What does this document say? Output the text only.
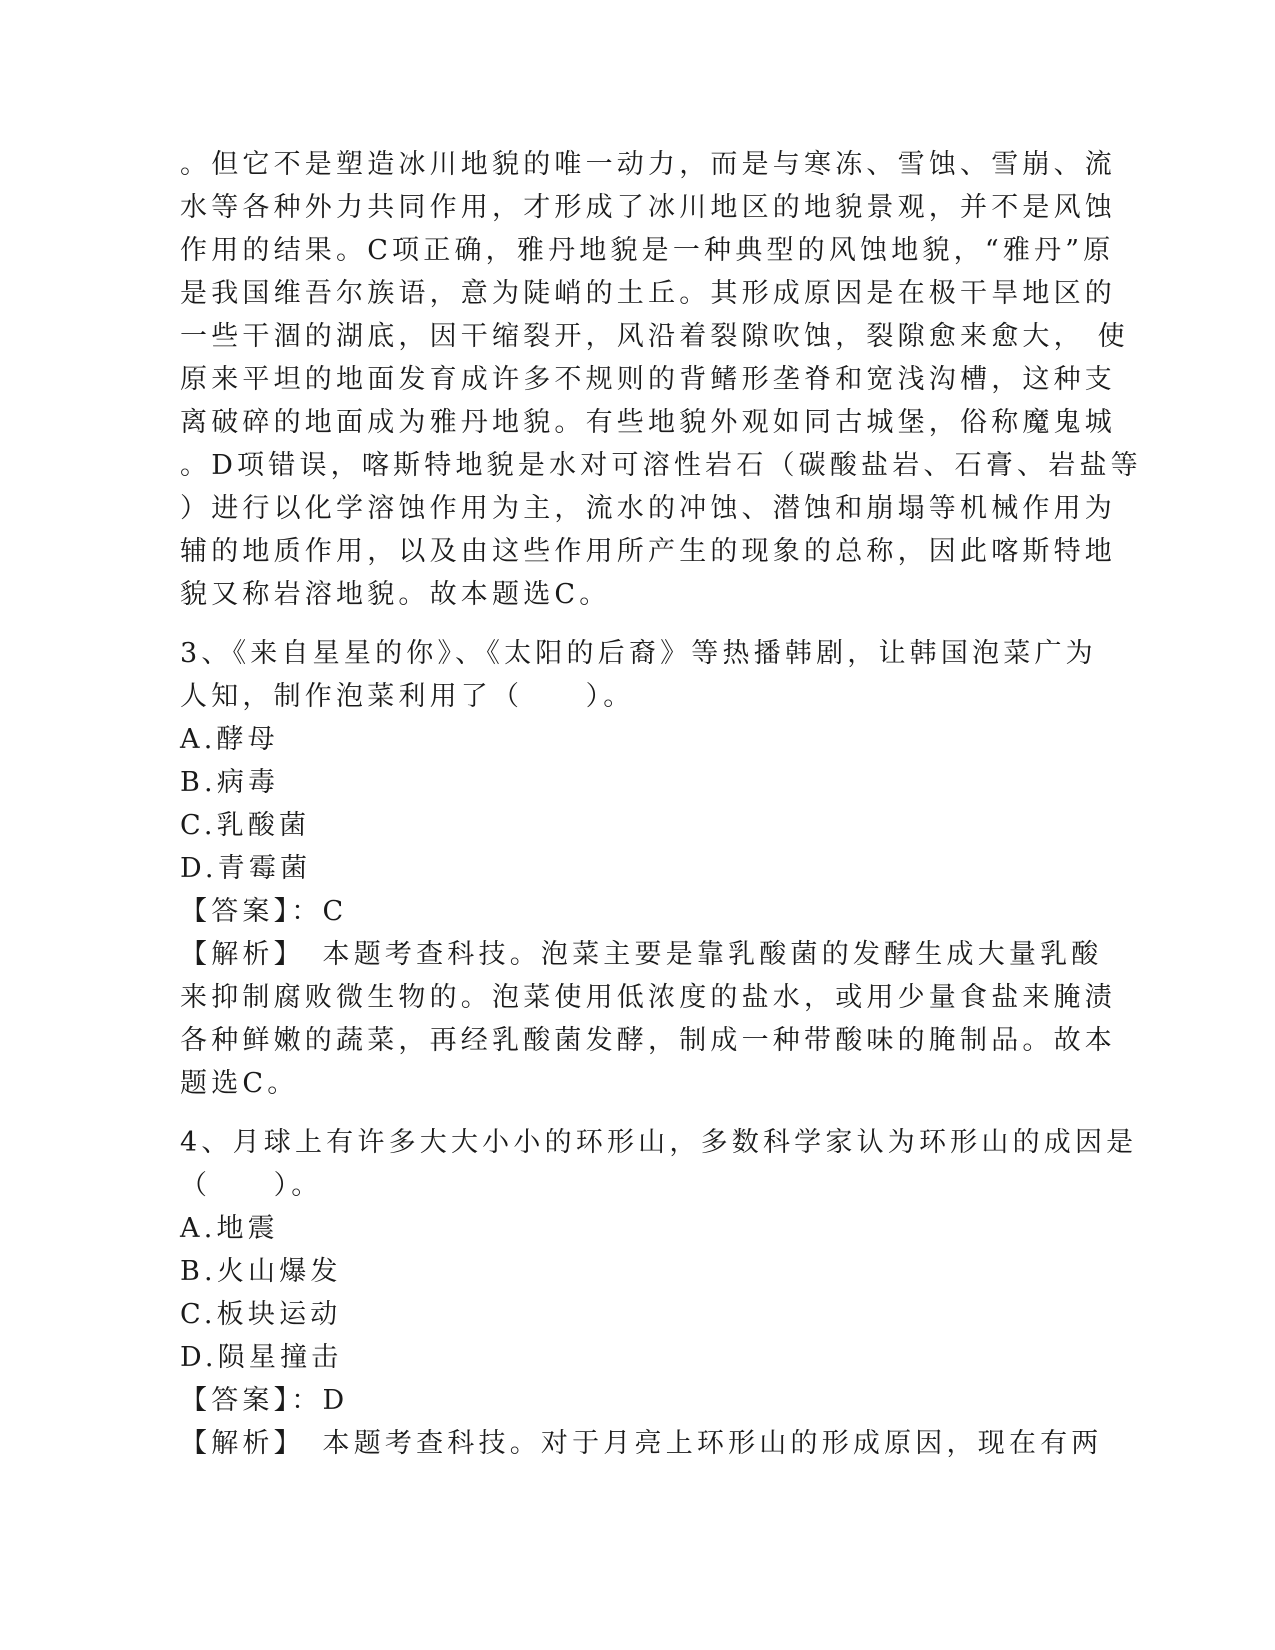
。但它不是塑造冰川地貌的唯一动力，而是与寒冻、雪蚀、雪崩、流
水等各种外力共同作用，才形成了冰川地区的地貌景观，并不是风蚀
作用的结果。C项正确，雅丹地貌是一种典型的风蚀地貌，“雅丹”原
是我国维吾尔族语，意为陡峭的土丘。其形成原因是在极干旱地区的
一些干涸的湖底，因干缩裂开，风沿着裂隙吹蚀，裂隙愈来愈大， 使
原来平坦的地面发育成许多不规则的背鳍形垄脊和宽浅沟槽，这种支
离破碎的地面成为雅丹地貌。有些地貌外观如同古城堡，俗称魔鬼城
。D项错误，喀斯特地貌是水对可溶性岩石（碳酸盐岩、石膏、岩盐等
）进行以化学溶蚀作用为主，流水的冲蚀、潜蚀和崩塌等机械作用为
辅的地质作用，以及由这些作用所产生的现象的总称，因此喀斯特地
貌又称岩溶地貌。故本题选C。
3、《来自星星的你》、《太阳的后裔》等热播韩剧，让韩国泡菜广为
人知，制作泡菜利用了（　　）。
A.酵母
B.病毒
C.乳酸菌
D.青霉菌
【答案】：C
【解析】　本题考查科技。泡菜主要是靠乳酸菌的发酵生成大量乳酸
来抑制腐败微生物的。泡菜使用低浓度的盐水，或用少量食盐来腌渍
各种鲜嫩的蔬菜，再经乳酸菌发酵，制成一种带酸味的腌制品。故本
题选C。
4、月球上有许多大大小小的环形山，多数科学家认为环形山的成因是
（　　）。
A.地震
B.火山爆发
C.板块运动
D.陨星撞击
【答案】：D
【解析】　本题考查科技。对于月亮上环形山的形成原因，现在有两
